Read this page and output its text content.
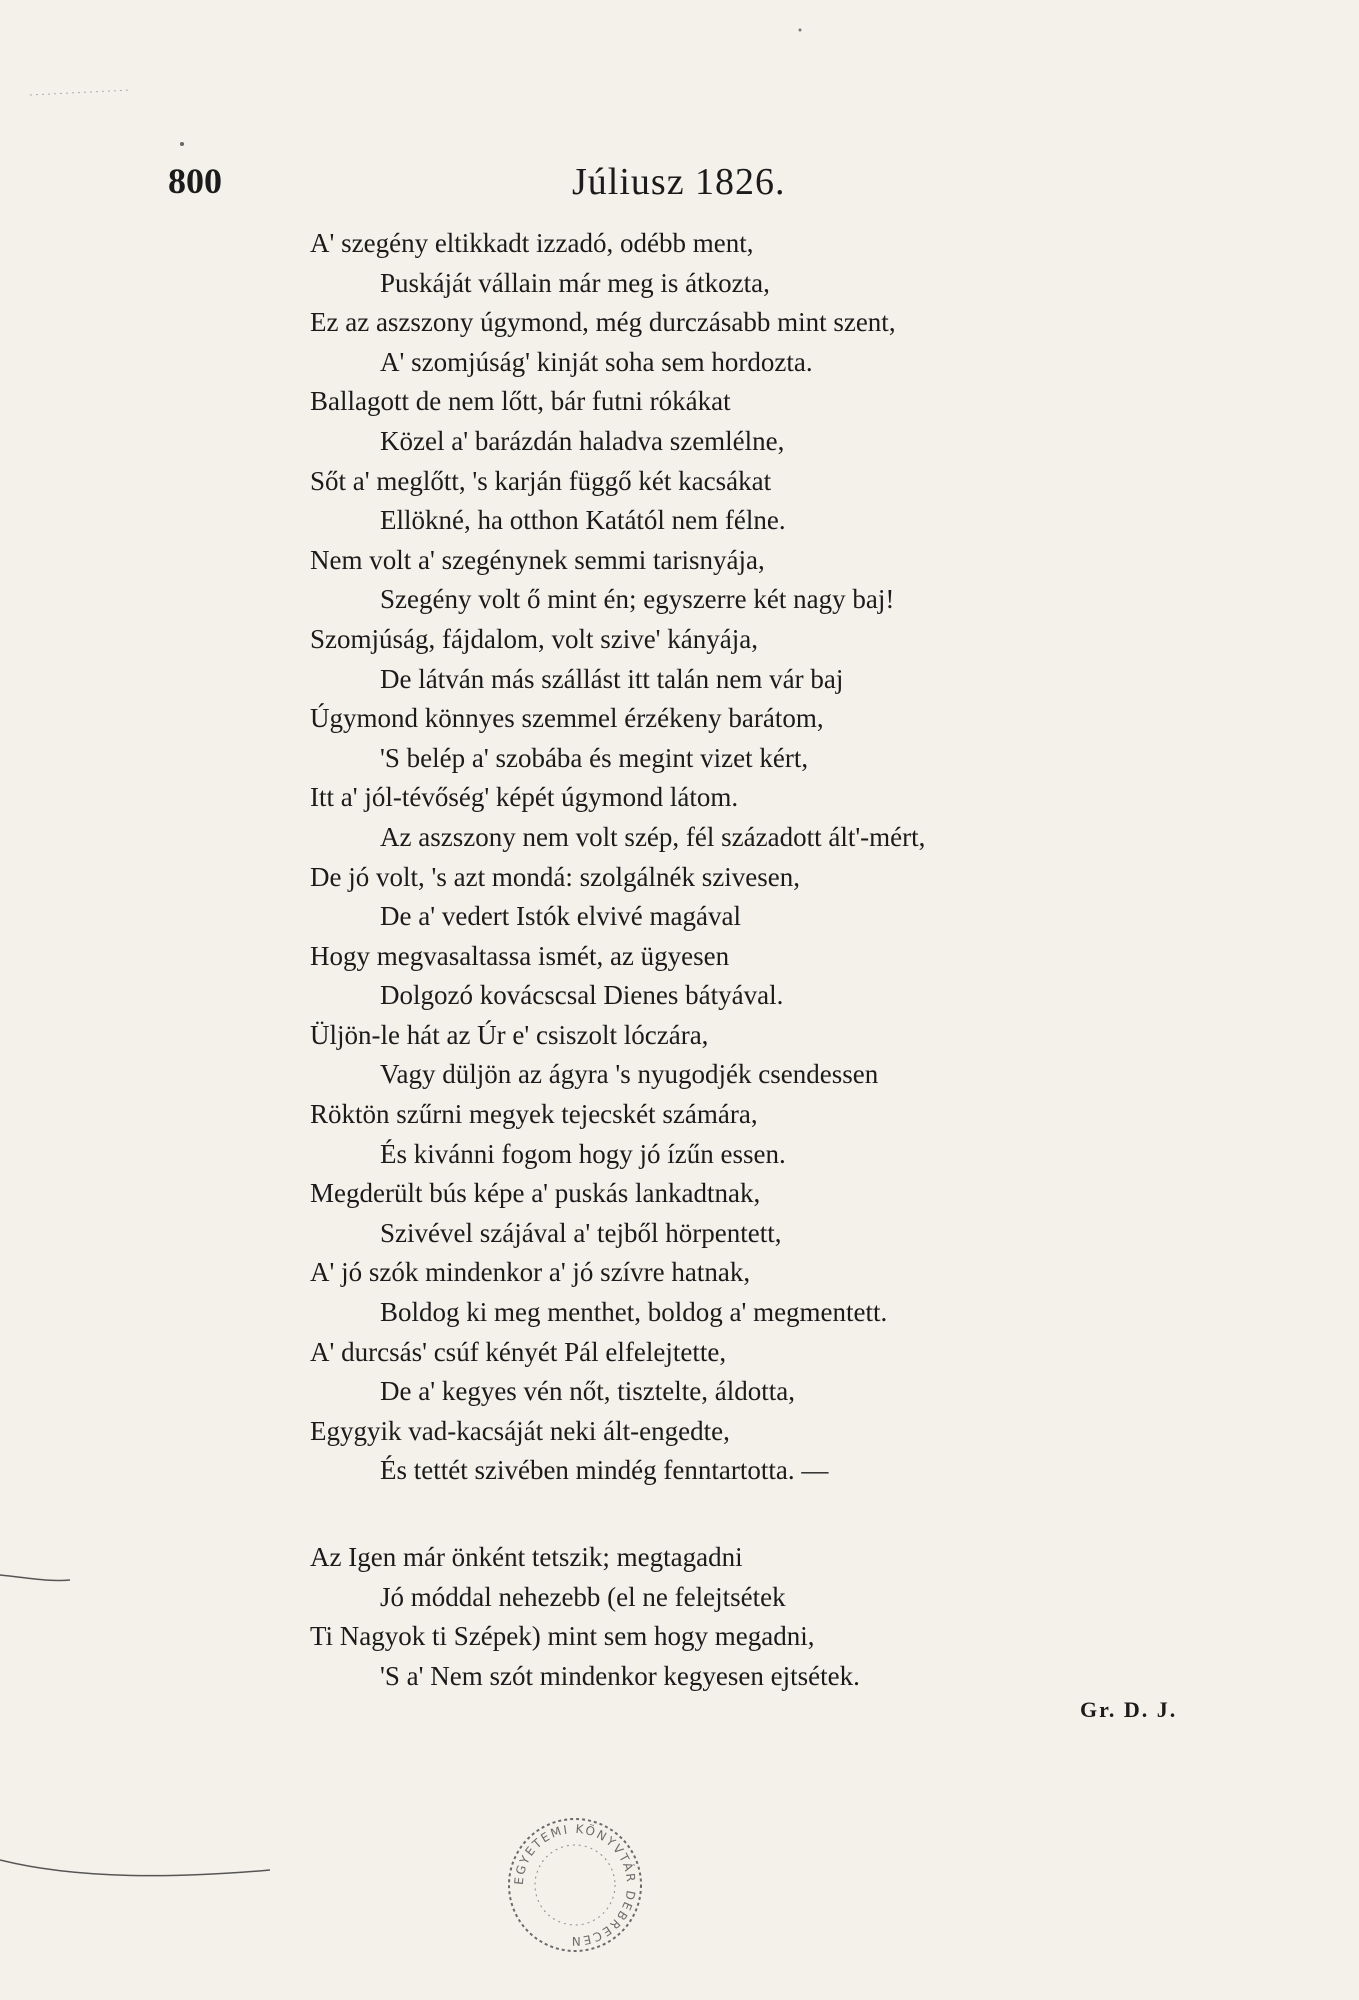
800	Júliusz 1826.
A' szegény eltikkadt izzadó, odébb ment,
Puskáját vállain már meg is átkozta,
Ez az aszszony úgymond, még durczásabb mint szent,
A' szomjúság' kinját soha sem hordozta.
Ballagott de nem lőtt, bár futni rókákat
Közel a' barázdán haladva szemlélne,
Sőt a' meglőtt, 's karján függő két kacsákat
Ellökné, ha otthon Katától nem félne.
Nem volt a' szegénynek semmi tarisnyája,
Szegény volt ő mint én; egyszerre két nagy baj!
Szomjúság, fájdalom, volt szive' kányája,
De látván más szállást itt talán nem vár baj
Úgymond könnyes szemmel érzékeny barátom,
'S belép a' szobába és megint vizet kért,
Itt a' jól-tévőség' képét úgymond látom.
Az aszszony nem volt szép, fél századott ált'-mért,
De jó volt, 's azt mondá: szolgálnék szivesen,
De a' vedert Istók elvivé magával
Hogy megvasaltassa ismét, az ügyesen
Dolgozó kovácscsal Dienes bátyával.
Üljön-le hát az Úr e' csiszolt lóczára,
Vagy düljön az ágyra 's nyugodjék csendessen
Röktön szűrni megyek tejecskét számára,
És kivánni fogom hogy jó ízűn essen.
Megderült bús képe a' puskás lankadtnak,
Szivével szájával a' tejből hörpentett,
A' jó szók mindenkor a' jó szívre hatnak,
Boldog ki meg menthet, boldog a' megmentett.
A' durcsás' csúf kényét Pál elfelejtette,
De a' kegyes vén nőt, tisztelte, áldotta,
Egygyik vad-kacsáját neki ált-engedte,
És tettét szivében mindég fenntartotta. —
Az Igen már önként tetszik; megtagadni
Jó móddal nehezebb (el ne felejtsétek
Ti Nagyok ti Szépek) mint sem hogy megadni,
'S a' Nem szót mindenkor kegyesen ejtsétek.
Gr. D. J.
EGYETEMI KÖNYVTÁR DEBRECEN
